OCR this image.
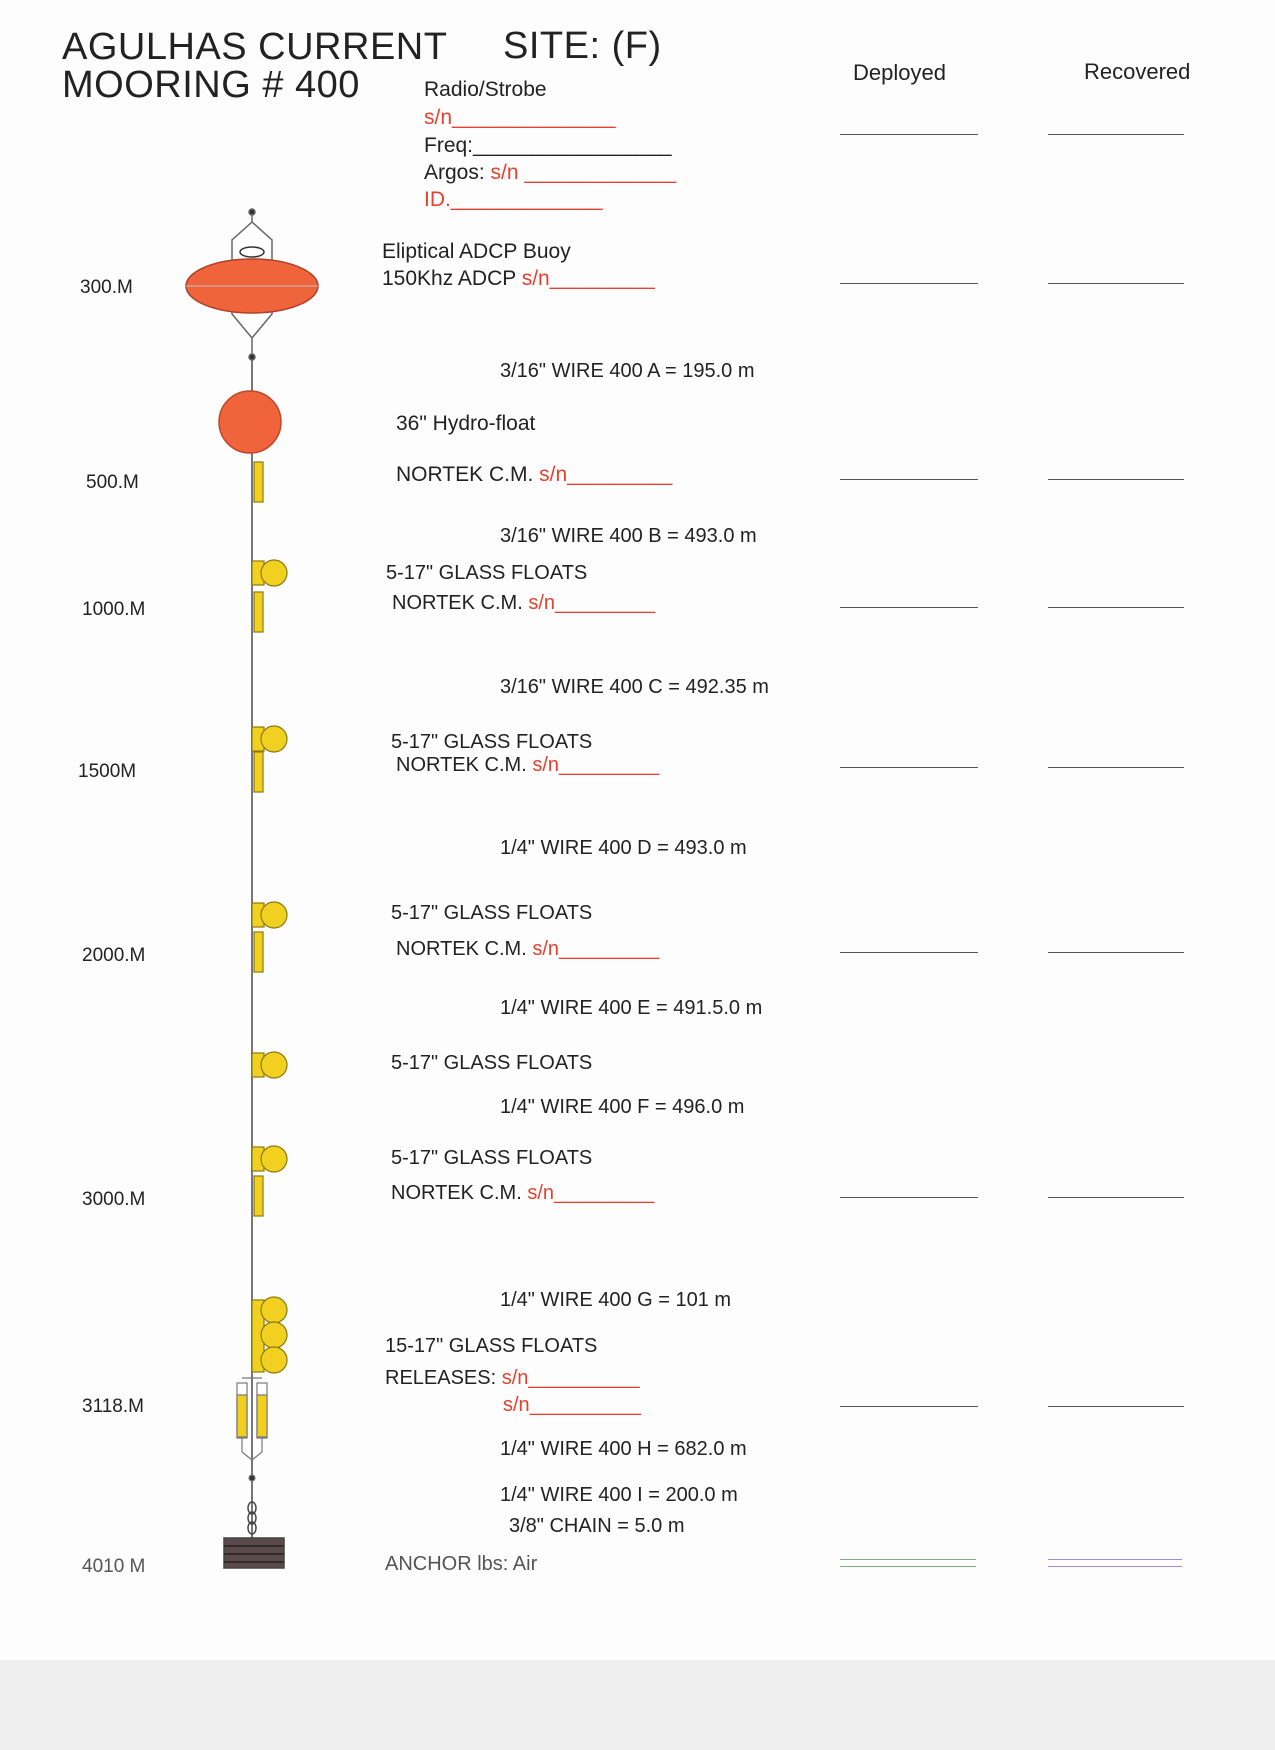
AGULHAS CURRENT
MOORING # 400
SITE: (F)
Deployed	Recovered
Radio/Strobe
s/n______________
Freq:_________________
Argos: s/n _____________
ID._____________
Eliptical ADCP Buoy
150Khz ADCP s/n_________
3/16" WIRE 400 A = 195.0 m
3/16" WIRE 400 B = 493.0 m
3/16" WIRE 400 C = 492.35 m
1/4" WIRE 400 D = 493.0 m
1/4" WIRE 400 E = 491.5.0 m
1/4" WIRE 400 F = 496.0 m
1/4" WIRE 400 G = 101 m
1/4" WIRE 400 H = 682.0 m
1/4" WIRE 400 I = 200.0 m
3/8" CHAIN = 5.0 m
36" Hydro-float
NORTEK C.M. s/n_________
5-17" GLASS FLOATS
NORTEK C.M. s/n_________
5-17" GLASS FLOATS
NORTEK C.M. s/n_________
5-17" GLASS FLOATS
NORTEK C.M. s/n_________
5-17" GLASS FLOATS
5-17" GLASS FLOATS
NORTEK C.M. s/n_________
15-17" GLASS FLOATS
RELEASES: s/n__________
s/n__________
ANCHOR lbs: Air
300.M
500.M
1000.M
1500M
2000.M
3000.M
3118.M
4010 M
